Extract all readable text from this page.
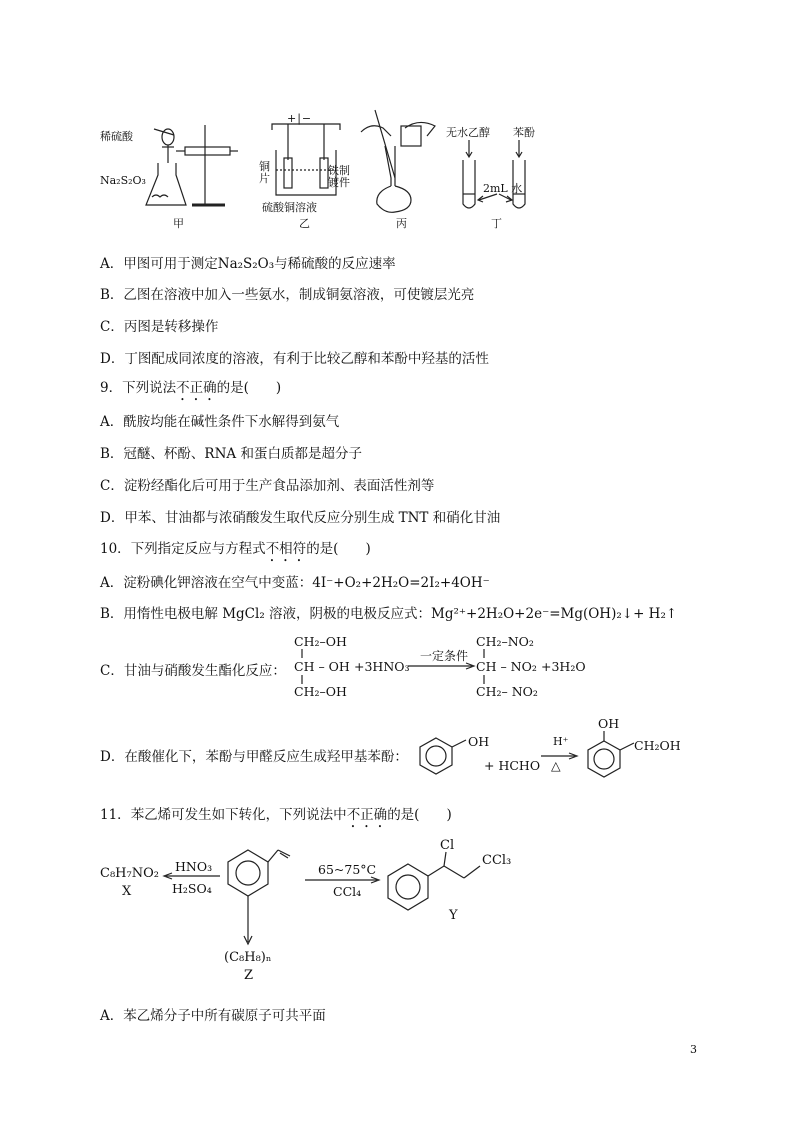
稀硫酸
Na₂S₂O₃
甲
+|−
铜片
铁制镀件
硫酸铜溶液
乙	丙
无水乙醇 苯酚
2mL 水
丁
A．甲图可用于测定Na₂S₂O₃与稀硫酸的反应速率
B．乙图在溶液中加入一些氨水，制成铜氨溶液，可使镀层光亮
C．丙图是转移操作
D．丁图配成同浓度的溶液，有利于比较乙醇和苯酚中羟基的活性
9．下列说法不正确的是(　　)
A．酰胺均能在碱性条件下水解得到氨气
B．冠醚、杯酚、RNA 和蛋白质都是超分子
C．淀粉经酯化后可用于生产食品添加剂、表面活性剂等
D．甲苯、甘油都与浓硝酸发生取代反应分别生成 TNT 和硝化甘油
10．下列指定反应与方程式不相符的是(　　)
A．淀粉碘化钾溶液在空气中变蓝：4I⁻+O₂+2H₂O=2I₂+4OH⁻
B．用惰性电极电解 MgCl₂ 溶液，阴极的电极反应式：Mg²⁺+2H₂O+2e⁻=Mg(OH)₂↓+ H₂↑
C．甘油与硝酸发生酯化反应：
CH₂–OH
CH – OH
CH₂–OH
+3HNO₃
一定条件
CH₂–NO₂
CH – NO₂
CH₂– NO₂
+3H₂O
D．在酸催化下，苯酚与甲醛反应生成羟甲基苯酚：
OH
+ HCHO
H⁺
△
OH
CH₂OH
11．苯乙烯可发生如下转化，下列说法中不正确的是(　　)
C₈H₇NO₂
X
HNO₃
H₂SO₄
65~75°C
CCl₄
Cl
CCl₃
Y
(C₈H₈)ₙ
Z
A．苯乙烯分子中所有碳原子可共平面
3
